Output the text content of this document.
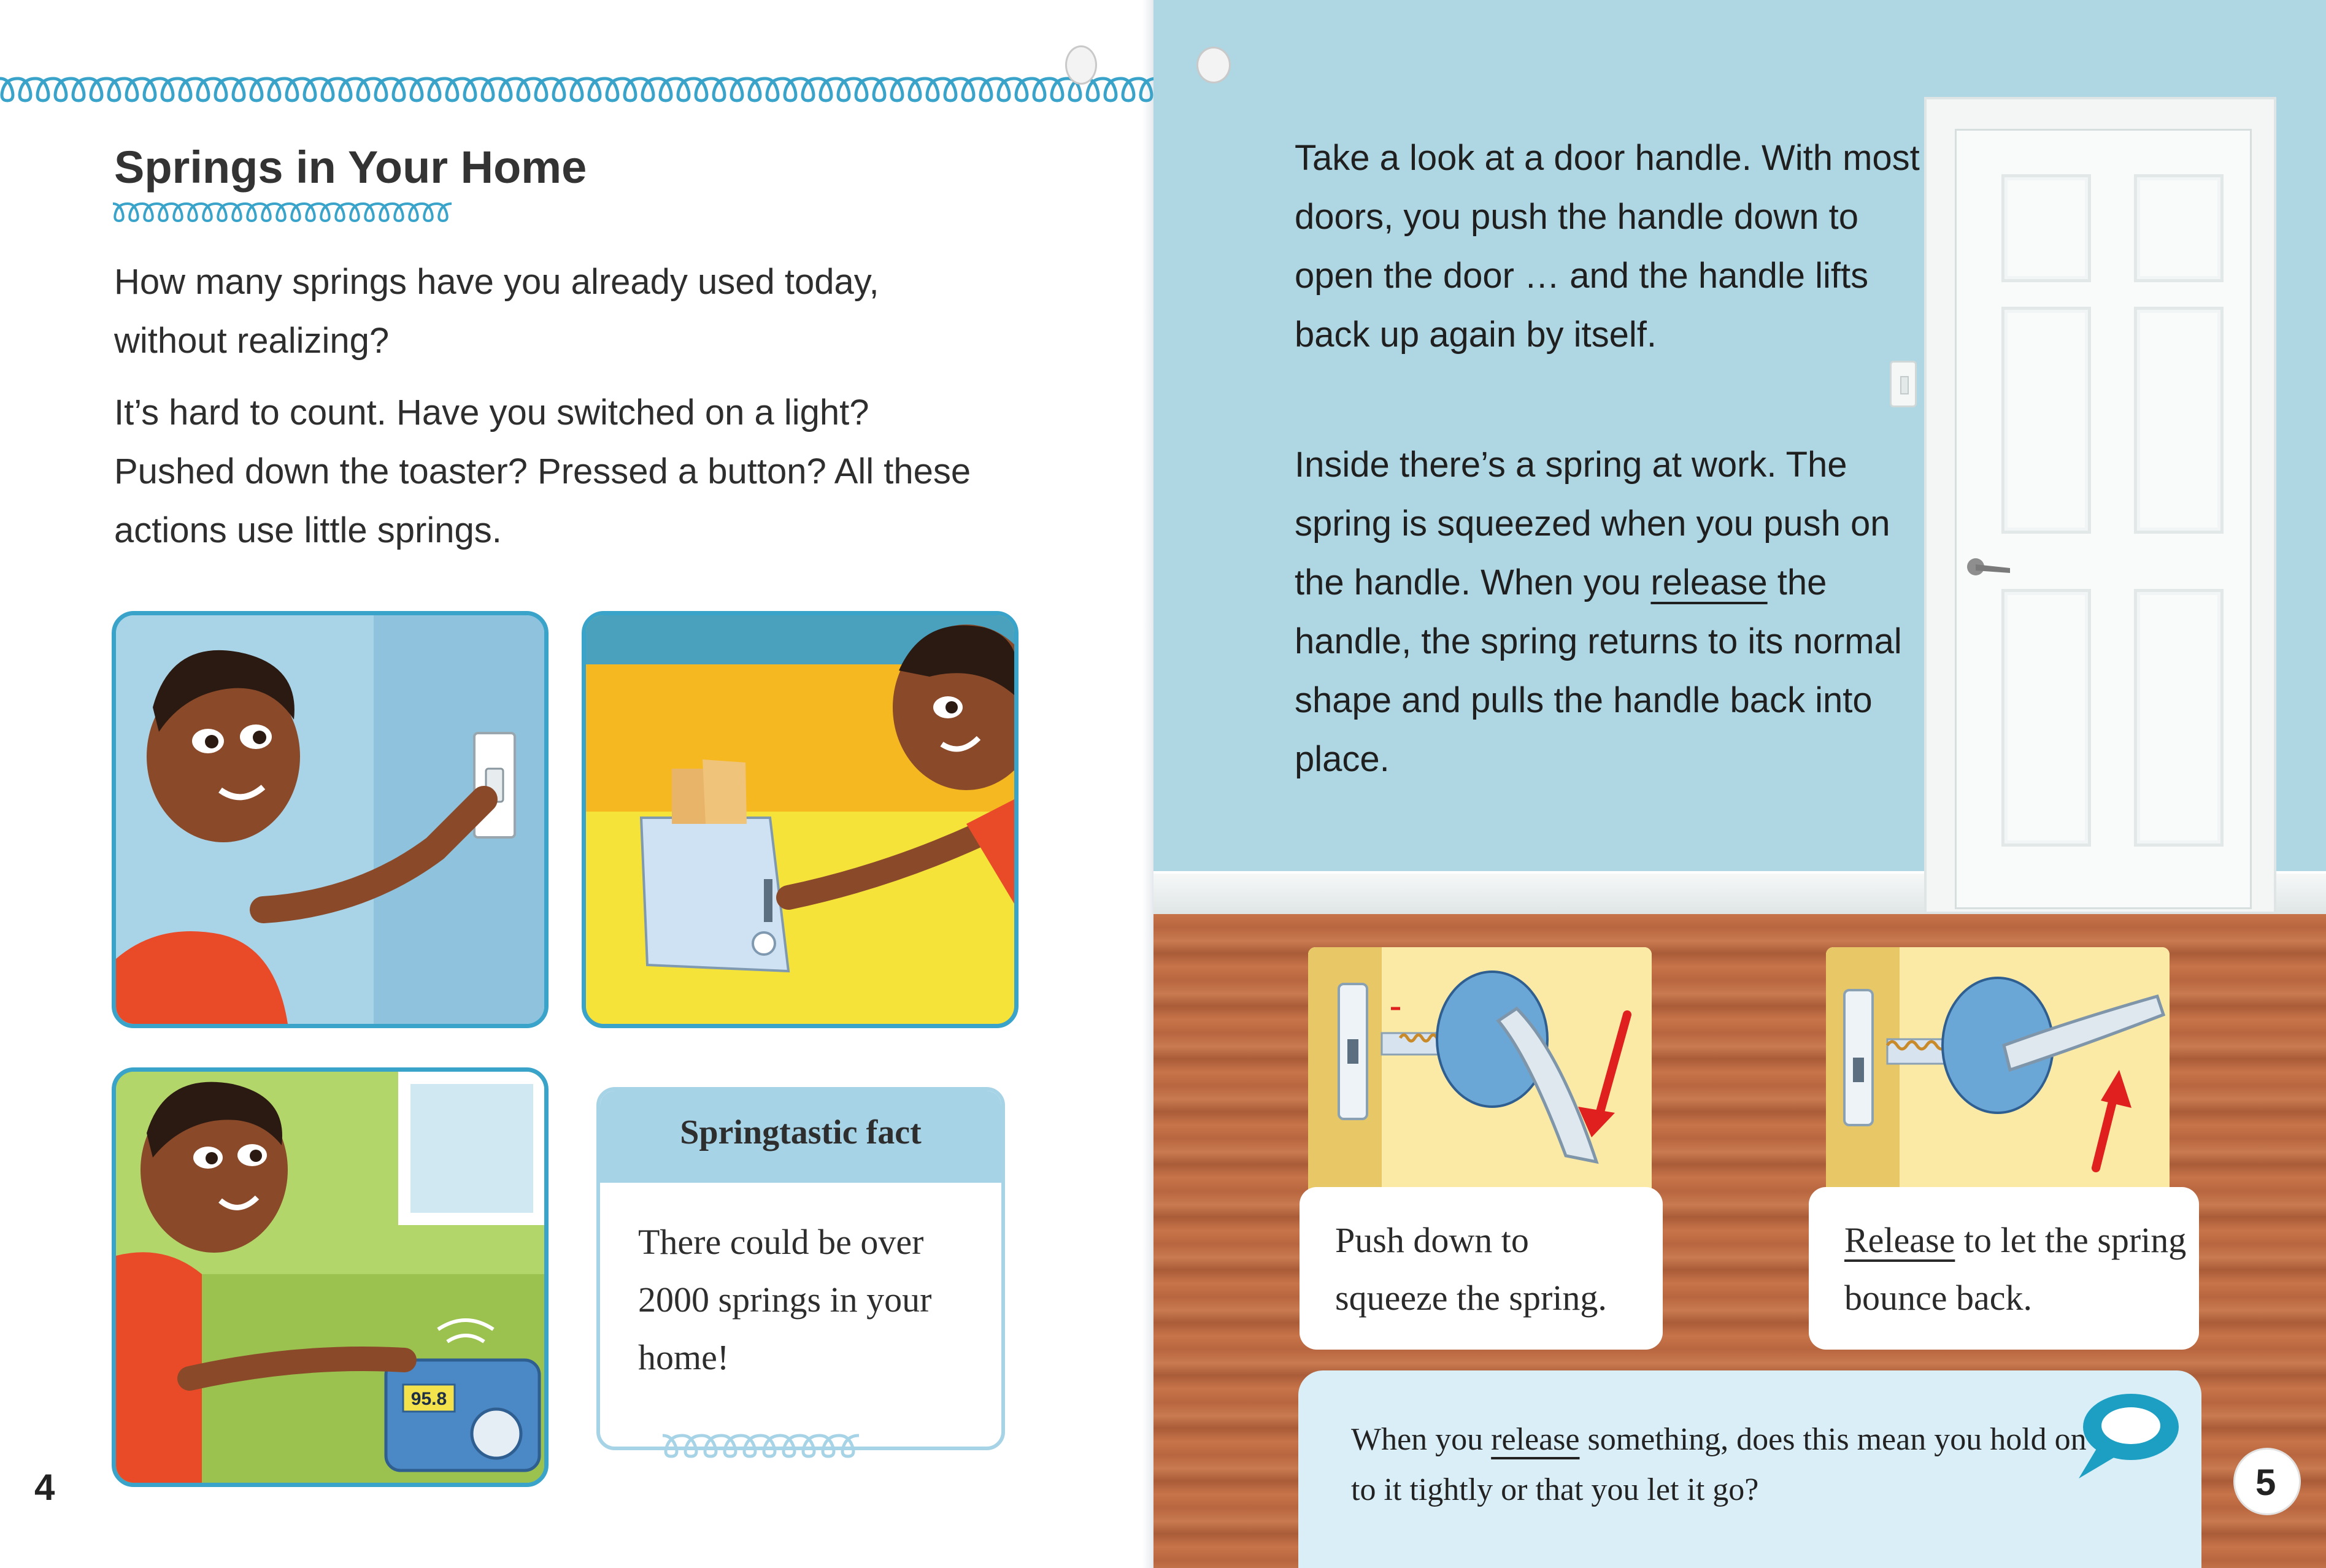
Springs in Your Home
How many springs have you already used today, without realizing?
It’s hard to count. Have you switched on a light? Pushed down the toaster? Pressed a button? All these actions use little springs.
95.8
Springtastic fact
There could be over 2000 springs in your home!
4
Take a look at a door handle. With most doors, you push the handle down to open the door … and the handle lifts back up again by itself.
Inside there’s a spring at work. The spring is squeezed when you push on the handle. When you release the handle, the spring returns to its normal shape and pulls the handle back into place.
Push down to squeeze the spring.
Release to let the spring bounce back.
When you release something, does this mean you hold on to it tightly or that you let it go?	5
